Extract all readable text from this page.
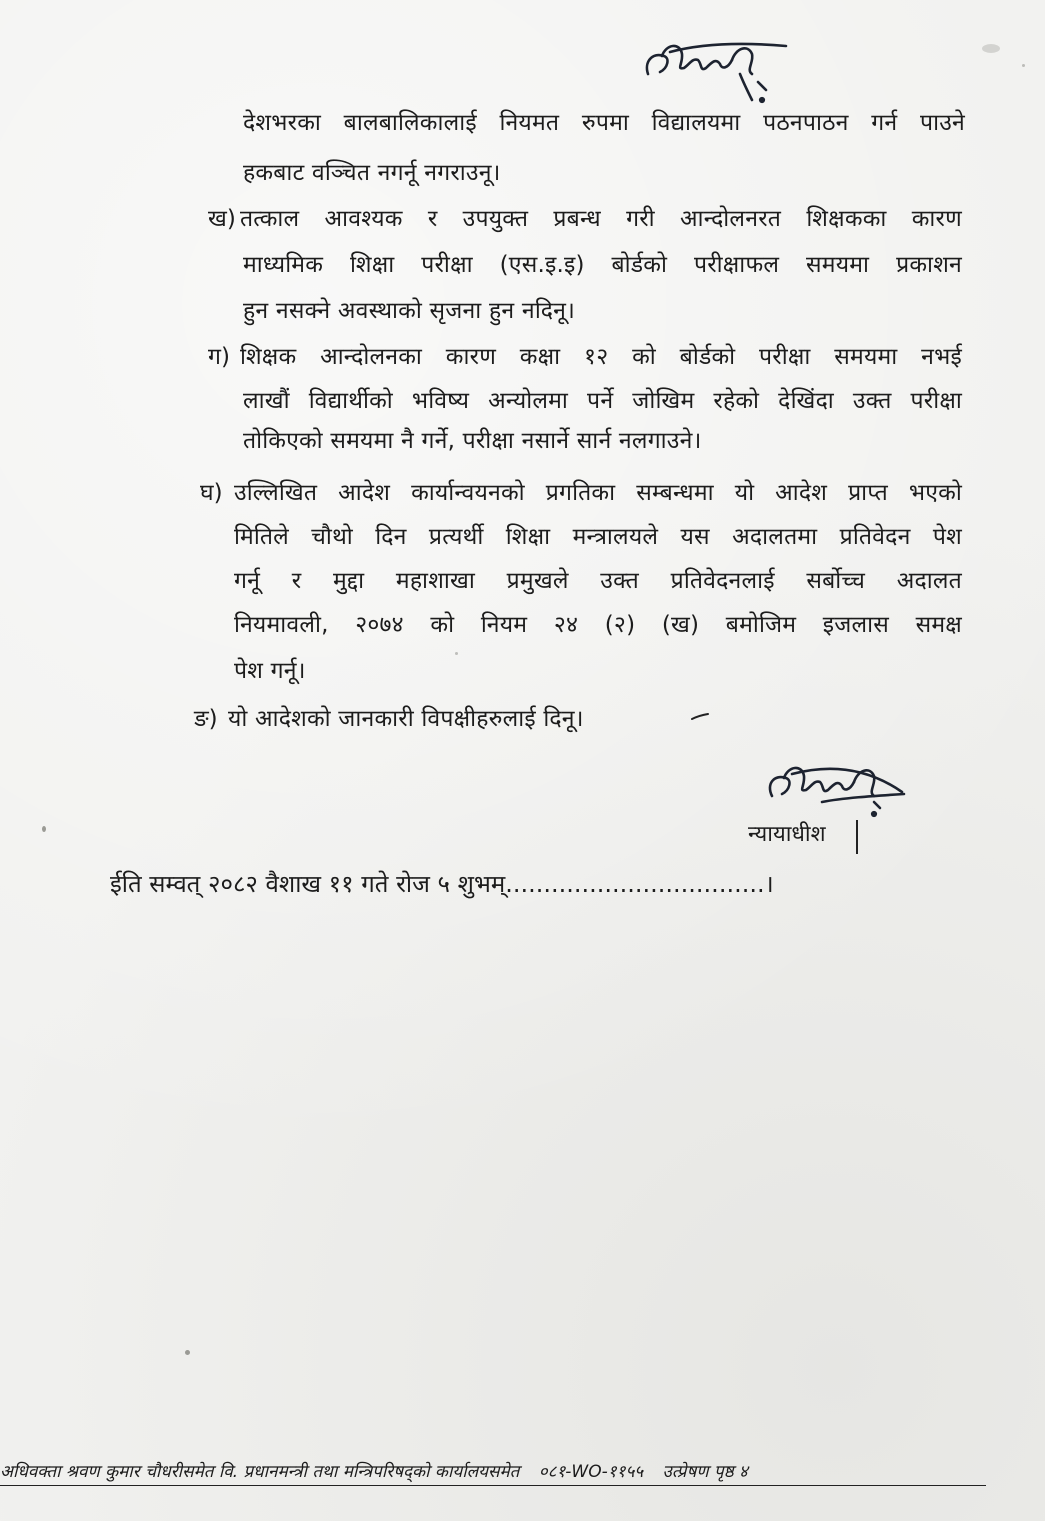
देशभरका बालबालिकालाई नियमत रुपमा विद्यालयमा पठनपाठन गर्न पाउने
हकबाट वञ्चित नगर्नू नगराउनू।
ख) तत्काल आवश्यक र उपयुक्त प्रबन्ध गरी आन्दोलनरत शिक्षकका कारण
माध्यमिक शिक्षा परीक्षा (एस.इ.इ) बोर्डको परीक्षाफल समयमा प्रकाशन
हुन नसक्ने अवस्थाको सृजना हुन नदिनू।
ग) शिक्षक आन्दोलनका कारण कक्षा १२ को बोर्डको परीक्षा समयमा नभई
लाखौं विद्यार्थीको भविष्य अन्योलमा पर्ने जोखिम रहेको देखिंदा उक्त परीक्षा
तोकिएको समयमा नै गर्ने, परीक्षा नसार्ने सार्न नलगाउने।
घ) उल्लिखित आदेश कार्यान्वयनको प्रगतिका सम्बन्धमा यो आदेश प्राप्त भएको
मितिले चौथो दिन प्रत्यर्थी शिक्षा मन्त्रालयले यस अदालतमा प्रतिवेदन पेश
गर्नू र मुद्दा महाशाखा प्रमुखले उक्त प्रतिवेदनलाई सर्बोच्च अदालत
नियमावली, २०७४ को नियम २४ (२) (ख) बमोजिम इजलास समक्ष
पेश गर्नू।
ङ) यो आदेशको जानकारी विपक्षीहरुलाई दिनू।
न्यायाधीश
ईति सम्वत् २०८२ वैशाख ११ गते रोज ५ शुभम्..................................।
अधिवक्ता श्रवण कुमार चौधरीसमेत वि. प्रधानमन्त्री तथा मन्त्रिपरिषद्को कार्यालयसमेत ०८१-WO-११५५ उत्प्रेषण पृष्ठ ४
